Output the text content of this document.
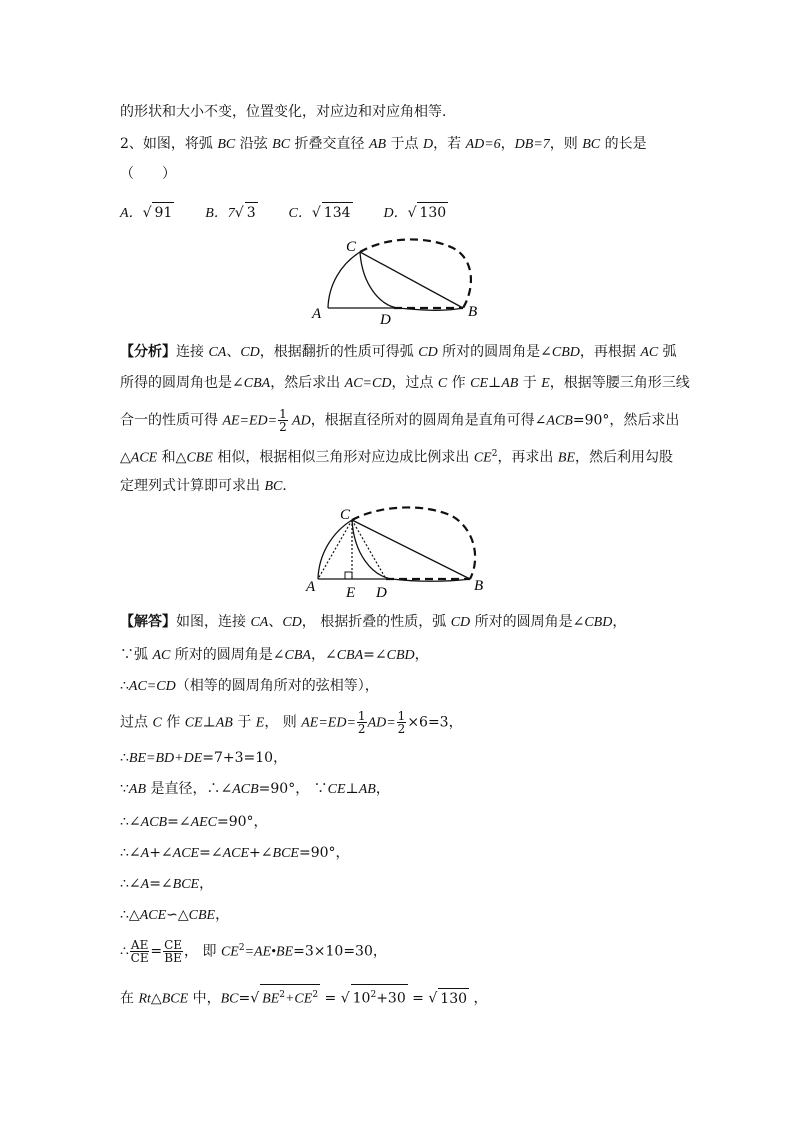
的形状和大小不变，位置变化，对应边和对应角相等．
2、如图，将弧 BC 沿弦 BC 折叠交直径 AB 于点 D，若 AD=6，DB=7，则 BC 的长是
（　　）
A．√ 91 B．7√ 3 C．√ 134 D．√ 130
C
A	D	B
【分析】连接 CA、CD，根据翻折的性质可得弧 CD 所对的圆周角是∠CBD，再根据 AC 弧
所得的圆周角也是∠CBA，然后求出 AC=CD，过点 C 作 CE⊥AB 于 E，根据等腰三角形三线
合一的性质可得 $AE=ED= \frac{1}{2}$ AD，根据直径所对的圆周角是直角可得∠ACB=90°，然后求出
△ACE 和△CBE 相似，根据相似三角形对应边成比例求出 $CE^2$，再求出 BE，然后利用勾股
定理列式计算即可求出 BC．
C
A E D	B
【解答】如图，连接 CA、CD， 根据折叠的性质，弧 CD 所对的圆周角是∠CBD，
∵弧 AC 所对的圆周角是∠CBA，∠CBA=∠CBD，
∴AC=CD（相等的圆周角所对的弦相等），
过点 C 作 CE⊥AB 于 E， 则 $AE=ED= \frac{1}{2} AD= \frac{1}{2} \times 6=3$，
∴BE=BD+DE=7+3=10，
∵AB 是直径，∴∠ACB=90°， ∵CE⊥AB，
∴∠ACB=∠AEC=90°，
∴∠A+∠ACE=∠ACE+∠BCE=90°，
∴∠A=∠BCE，
∴△ACE∽△CBE，
∴ $\frac{AE}{CE} = \frac{CE}{BE}$ ， 即 $CE^2=AE•BE=3\times 10=30$，
在 Rt△BCE 中，BC=√ $BE^2+CE^2$ = √ $10^2+30$ = √ 130 ，
